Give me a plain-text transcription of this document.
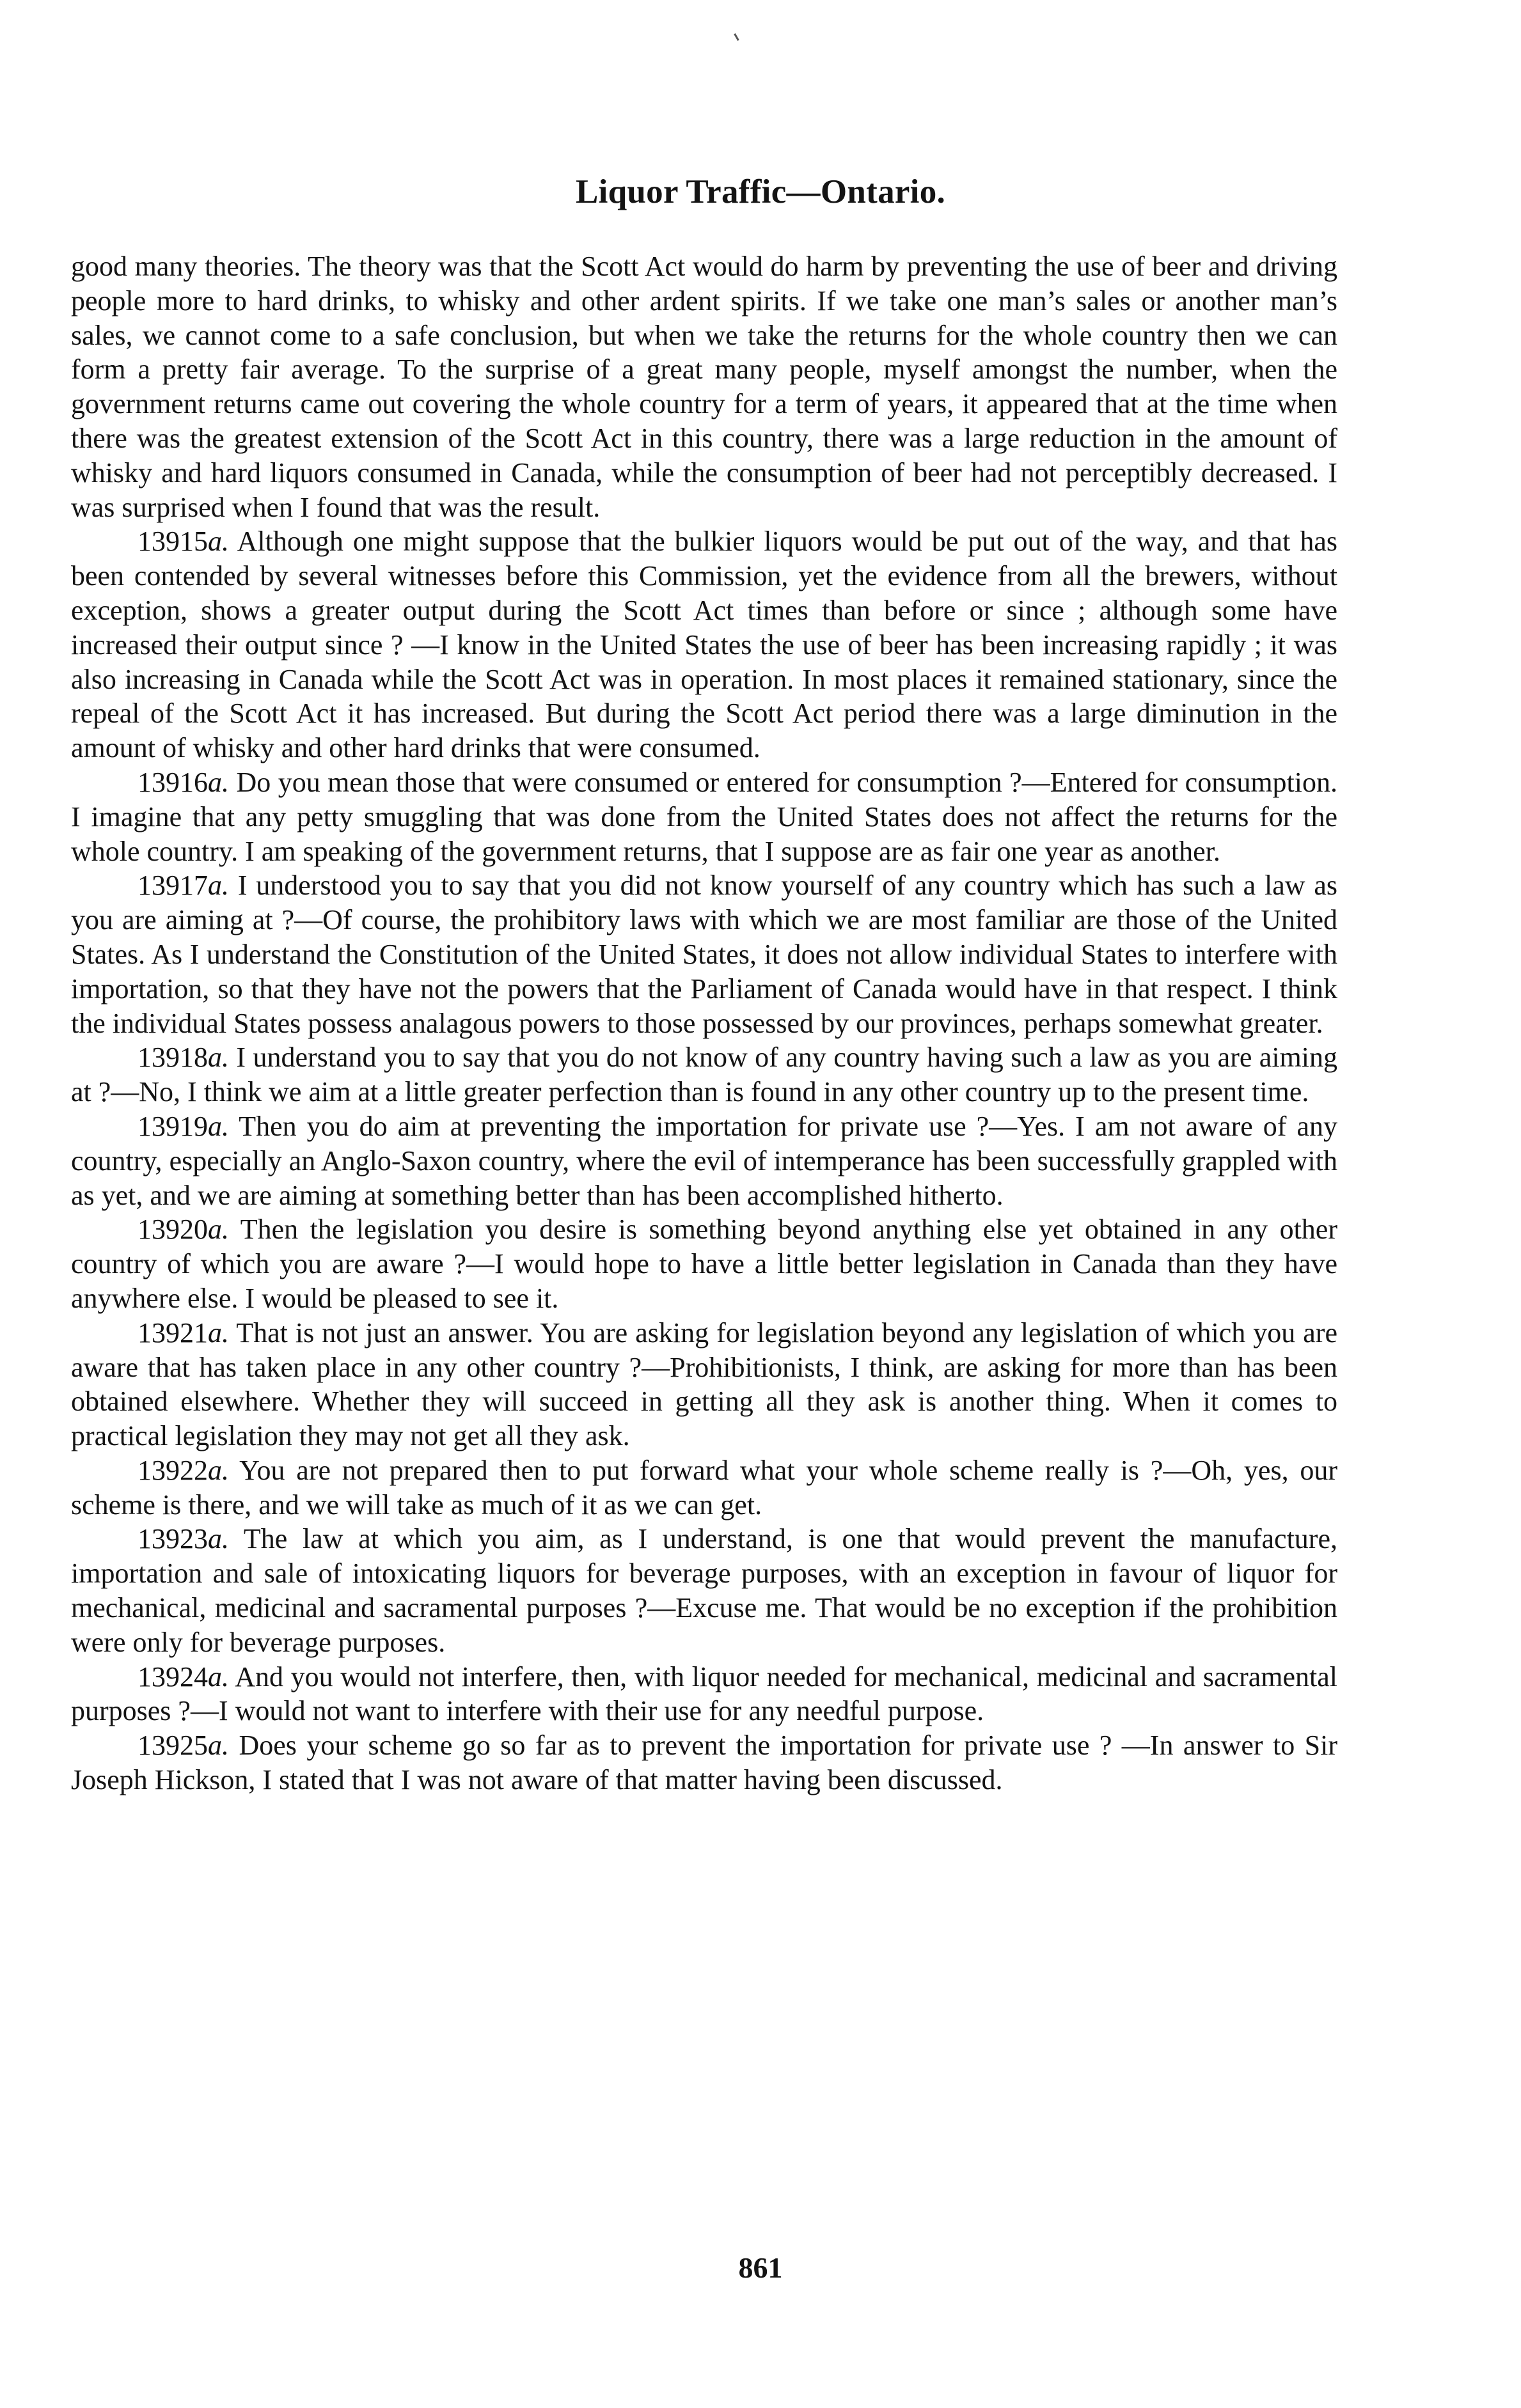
Liquor Traffic—Ontario.

good many theories. The theory was that the Scott Act would do harm by preventing the use of beer and driving people more to hard drinks, to whisky and other ardent spirits. If we take one man’s sales or another man’s sales, we cannot come to a safe conclusion, but when we take the returns for the whole country then we can form a pretty fair average. To the surprise of a great many people, myself amongst the number, when the government returns came out covering the whole country for a term of years, it appeared that at the time when there was the greatest extension of the Scott Act in this country, there was a large reduction in the amount of whisky and hard liquors consumed in Canada, while the consumption of beer had not perceptibly decreased. I was surprised when I found that was the result.

13915a. Although one might suppose that the bulkier liquors would be put out of the way, and that has been contended by several witnesses before this Commission, yet the evidence from all the brewers, without exception, shows a greater output during the Scott Act times than before or since ; although some have increased their output since ? —I know in the United States the use of beer has been increasing rapidly ; it was also increasing in Canada while the Scott Act was in operation. In most places it remained stationary, since the repeal of the Scott Act it has increased. But during the Scott Act period there was a large diminution in the amount of whisky and other hard drinks that were consumed.

13916a. Do you mean those that were consumed or entered for consumption ?—Entered for consumption. I imagine that any petty smuggling that was done from the United States does not affect the returns for the whole country. I am speaking of the government returns, that I suppose are as fair one year as another.

13917a. I understood you to say that you did not know yourself of any country which has such a law as you are aiming at ?—Of course, the prohibitory laws with which we are most familiar are those of the United States. As I understand the Constitution of the United States, it does not allow individual States to interfere with importation, so that they have not the powers that the Parliament of Canada would have in that respect. I think the individual States possess analagous powers to those possessed by our provinces, perhaps somewhat greater.

13918a. I understand you to say that you do not know of any country having such a law as you are aiming at ?—No, I think we aim at a little greater perfection than is found in any other country up to the present time.

13919a. Then you do aim at preventing the importation for private use ?—Yes. I am not aware of any country, especially an Anglo-Saxon country, where the evil of intemperance has been successfully grappled with as yet, and we are aiming at something better than has been accomplished hitherto.

13920a. Then the legislation you desire is something beyond anything else yet obtained in any other country of which you are aware ?—I would hope to have a little better legislation in Canada than they have anywhere else. I would be pleased to see it.

13921a. That is not just an answer. You are asking for legislation beyond any legislation of which you are aware that has taken place in any other country ?—Prohibitionists, I think, are asking for more than has been obtained elsewhere. Whether they will succeed in getting all they ask is another thing. When it comes to practical legislation they may not get all they ask.

13922a. You are not prepared then to put forward what your whole scheme really is ?—Oh, yes, our scheme is there, and we will take as much of it as we can get.

13923a. The law at which you aim, as I understand, is one that would prevent the manufacture, importation and sale of intoxicating liquors for beverage purposes, with an exception in favour of liquor for mechanical, medicinal and sacramental purposes ?—Excuse me. That would be no exception if the prohibition were only for beverage purposes.

13924a. And you would not interfere, then, with liquor needed for mechanical, medicinal and sacramental purposes ?—I would not want to interfere with their use for any needful purpose.

13925a. Does your scheme go so far as to prevent the importation for private use ? —In answer to Sir Joseph Hickson, I stated that I was not aware of that matter having been discussed.

861
